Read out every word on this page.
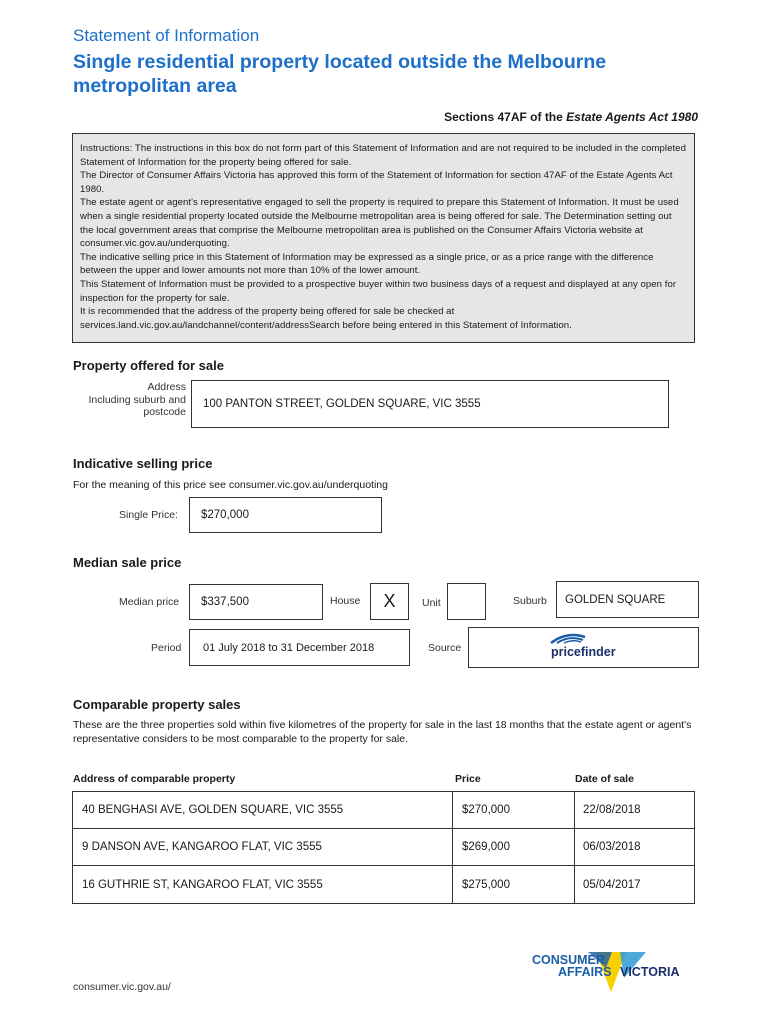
Statement of Information
Single residential property located outside the Melbourne metropolitan area
Sections 47AF of the Estate Agents Act 1980
Instructions: The instructions in this box do not form part of this Statement of Information and are not required to be included in the completed Statement of Information for the property being offered for sale.
The Director of Consumer Affairs Victoria has approved this form of the Statement of Information for section 47AF of the Estate Agents Act 1980.
The estate agent or agent's representative engaged to sell the property is required to prepare this Statement of Information. It must be used when a single residential property located outside the Melbourne metropolitan area is being offered for sale. The Determination setting out the local government areas that comprise the Melbourne metropolitan area is published on the Consumer Affairs Victoria website at consumer.vic.gov.au/underquoting.
The indicative selling price in this Statement of Information may be expressed as a single price, or as a price range with the difference between the upper and lower amounts not more than 10% of the lower amount.
This Statement of Information must be provided to a prospective buyer within two business days of a request and displayed at any open for inspection for the property for sale.
It is recommended that the address of the property being offered for sale be checked at services.land.vic.gov.au/landchannel/content/addressSearch before being entered in this Statement of Information.
Property offered for sale
Address
Including suburb and
postcode
100 PANTON STREET, GOLDEN SQUARE, VIC 3555
Indicative selling price
For the meaning of this price see consumer.vic.gov.au/underquoting
Single Price:	$270,000
Median sale price
Median price	$337,500	House	X	Unit	Suburb	GOLDEN SQUARE
Period	01 July 2018 to 31 December 2018	Source	pricefinder
Comparable property sales
These are the three properties sold within five kilometres of the property for sale in the last 18 months that the estate agent or agent's representative considers to be most comparable to the property for sale.
Address of comparable property	Price	Date of sale
40 BENGHASI AVE, GOLDEN SQUARE, VIC 3555	$270,000	22/08/2018
9 DANSON AVE, KANGAROO FLAT, VIC 3555	$269,000	06/03/2018
16 GUTHRIE ST, KANGAROO FLAT, VIC 3555	$275,000	05/04/2017
consumer.vic.gov.au/
CONSUMER
AFFAIRS VICTORIA
